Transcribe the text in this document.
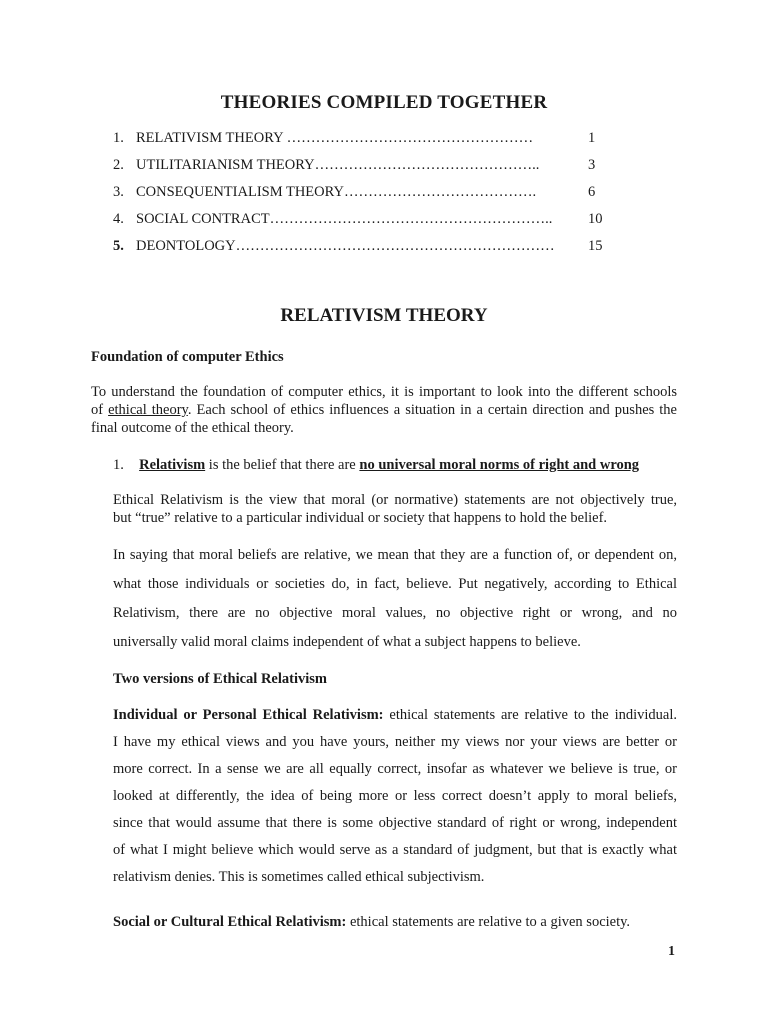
THEORIES COMPILED TOGETHER
1. RELATIVISM THEORY ……………………………………………	1
2. UTILITARIANISM THEORY………………………………………..	3
3. CONSEQUENTIALISM THEORY………………………………….	6
4. SOCIAL CONTRACT…………………………………………………..	10
5. DEONTOLOGY…………………………………………………………	15
RELATIVISM THEORY
Foundation of computer Ethics
To understand the foundation of computer ethics, it is important to look into the different schools
of ethical theory. Each school of ethics influences a situation in a certain direction and pushes the
final outcome of the ethical theory.
1. Relativism is the belief that there are no universal moral norms of right and wrong
Ethical Relativism is the view that moral (or normative) statements are not objectively true,
but “true” relative to a particular individual or society that happens to hold the belief.
In saying that moral beliefs are relative, we mean that they are a function of, or dependent on,
what those individuals or societies do, in fact, believe. Put negatively, according to Ethical
Relativism, there are no objective moral values, no objective right or wrong, and no
universally valid moral claims independent of what a subject happens to believe.
Two versions of Ethical Relativism
Individual or Personal Ethical Relativism: ethical statements are relative to the individual.
I have my ethical views and you have yours, neither my views nor your views are better or
more correct. In a sense we are all equally correct, insofar as whatever we believe is true, or
looked at differently, the idea of being more or less correct doesn’t apply to moral beliefs,
since that would assume that there is some objective standard of right or wrong, independent
of what I might believe which would serve as a standard of judgment, but that is exactly what
relativism denies. This is sometimes called ethical subjectivism.
Social or Cultural Ethical Relativism: ethical statements are relative to a given society.
1
